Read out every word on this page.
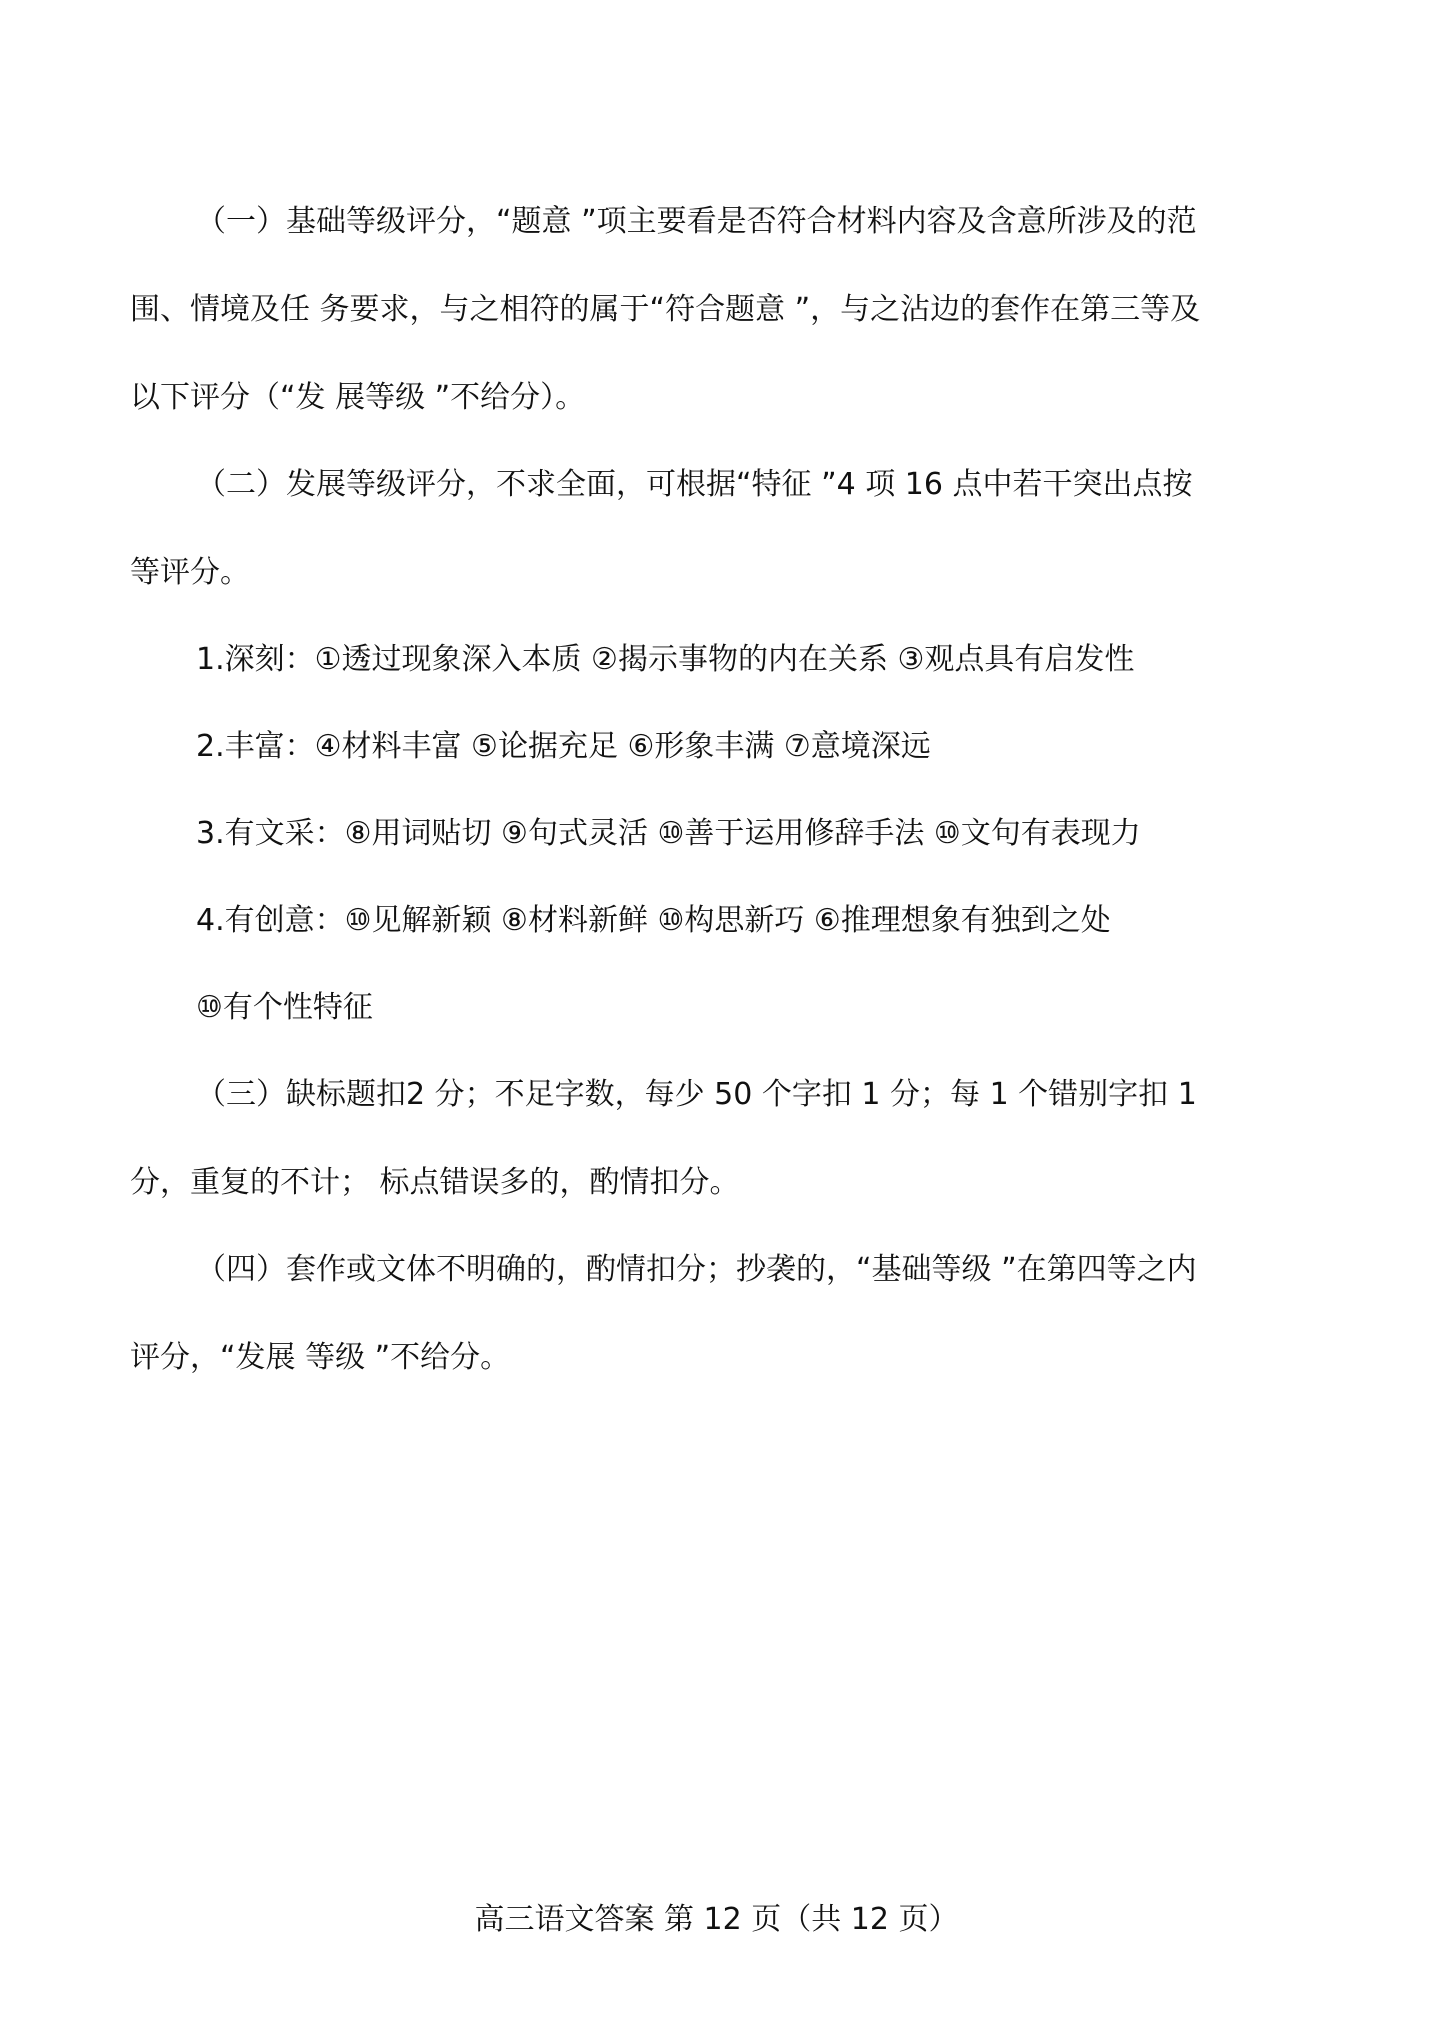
（一）基础等级评分，“题意 ”项主要看是否符合材料内容及含意所涉及的范
围、情境及任 务要求，与之相符的属于“符合题意 ”，与之沾边的套作在第三等及
以下评分（“发 展等级 ”不给分）。
（二）发展等级评分，不求全面，可根据“特征 ”4 项 16 点中若干突出点按
等评分。

1.深刻：①透过现象深入本质 ②揭示事物的内在关系 ③观点具有启发性

2.丰富：④材料丰富 ⑤论据充足 ⑥形象丰满 ⑦意境深远

3.有文采：⑧用词贴切 ⑨句式灵活 ⑩善于运用修辞手法 ⑩文句有表现力

4.有创意：⑩见解新颖 ⑧材料新鲜 ⑩构思新巧 ⑥推理想象有独到之处

⑩有个性特征

（三）缺标题扣2 分；不足字数，每少 50 个字扣 1 分；每 1 个错别字扣 1
分，重复的不计； 标点错误多的，酌情扣分。
（四）套作或文体不明确的，酌情扣分；抄袭的，“基础等级 ”在第四等之内
评分，“发展 等级 ”不给分。

高三语文答案 第 12 页（共 12 页）
